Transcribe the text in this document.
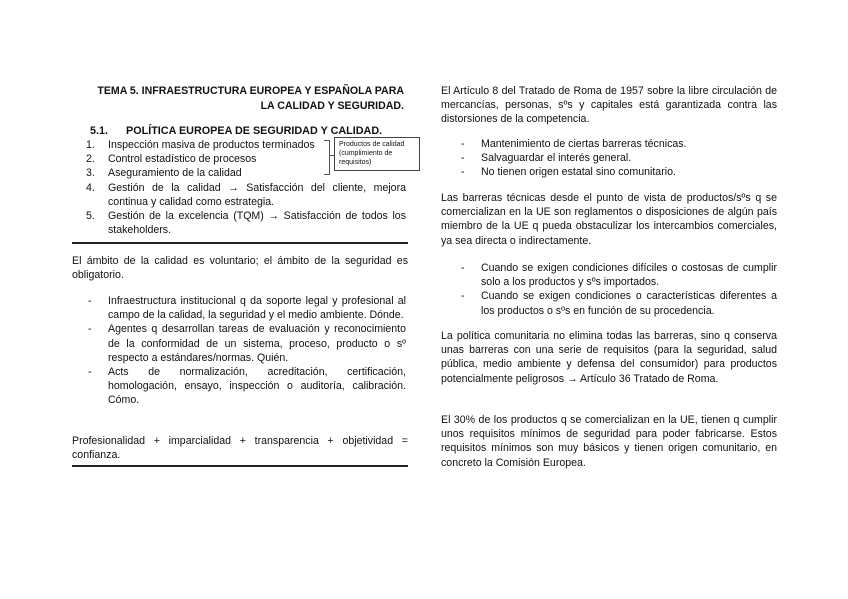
TEMA 5. INFRAESTRUCTURA EUROPEA Y ESPAÑOLA PARA
LA CALIDAD Y SEGURIDAD.
5.1. POLÍTICA EUROPEA DE SEGURIDAD Y CALIDAD.
1. Inspección masiva de productos terminados
2. Control estadístico de procesos
3. Aseguramiento de la calidad
4. Gestión de la calidad → Satisfacción del cliente, mejora continua y calidad como estrategia.
5. Gestión de la excelencia (TQM) → Satisfacción de todos los stakeholders.
Productos de calidad (cumplimiento de requisitos)

El ámbito de la calidad es voluntario; el ámbito de la seguridad es obligatorio.

- Infraestructura institucional q da soporte legal y profesional al campo de la calidad, la seguridad y el medio ambiente. Dónde.
- Agentes q desarrollan tareas de evaluación y reconocimiento de la conformidad de un sistema, proceso, producto o sº respecto a estándares/normas. Quién.
- Acts de normalización, acreditación, certificación, homologación, ensayo, inspección o auditoría, calibración. Cómo.

Profesionalidad + imparcialidad + transparencia + objetividad = confianza.

El Artículo 8 del Tratado de Roma de 1957 sobre la libre circulación de mercancías, personas, sºs y capitales está garantizada contra las distorsiones de la competencia.

- Mantenimiento de ciertas barreras técnicas.
- Salvaguardar el interés general.
- No tienen origen estatal sino comunitario.

Las barreras técnicas desde el punto de vista de productos/sºs q se comercializan en la UE son reglamentos o disposiciones de algún país miembro de la UE q pueda obstaculizar los intercambios comerciales, ya sea directa o indirectamente.

- Cuando se exigen condiciones difíciles o costosas de cumplir solo a los productos y sºs importados.
- Cuando se exigen condiciones o características diferentes a los productos o sºs en función de su procedencia.

La política comunitaria no elimina todas las barreras, sino q conserva unas barreras con una serie de requisitos (para la seguridad, salud pública, medio ambiente y defensa del consumidor) para productos potencialmente peligrosos → Artículo 36 Tratado de Roma.

El 30% de los productos q se comercializan en la UE, tienen q cumplir unos requisitos mínimos de seguridad para poder fabricarse. Estos requisitos mínimos son muy básicos y tienen origen comunitario, en concreto la Comisión Europea.
